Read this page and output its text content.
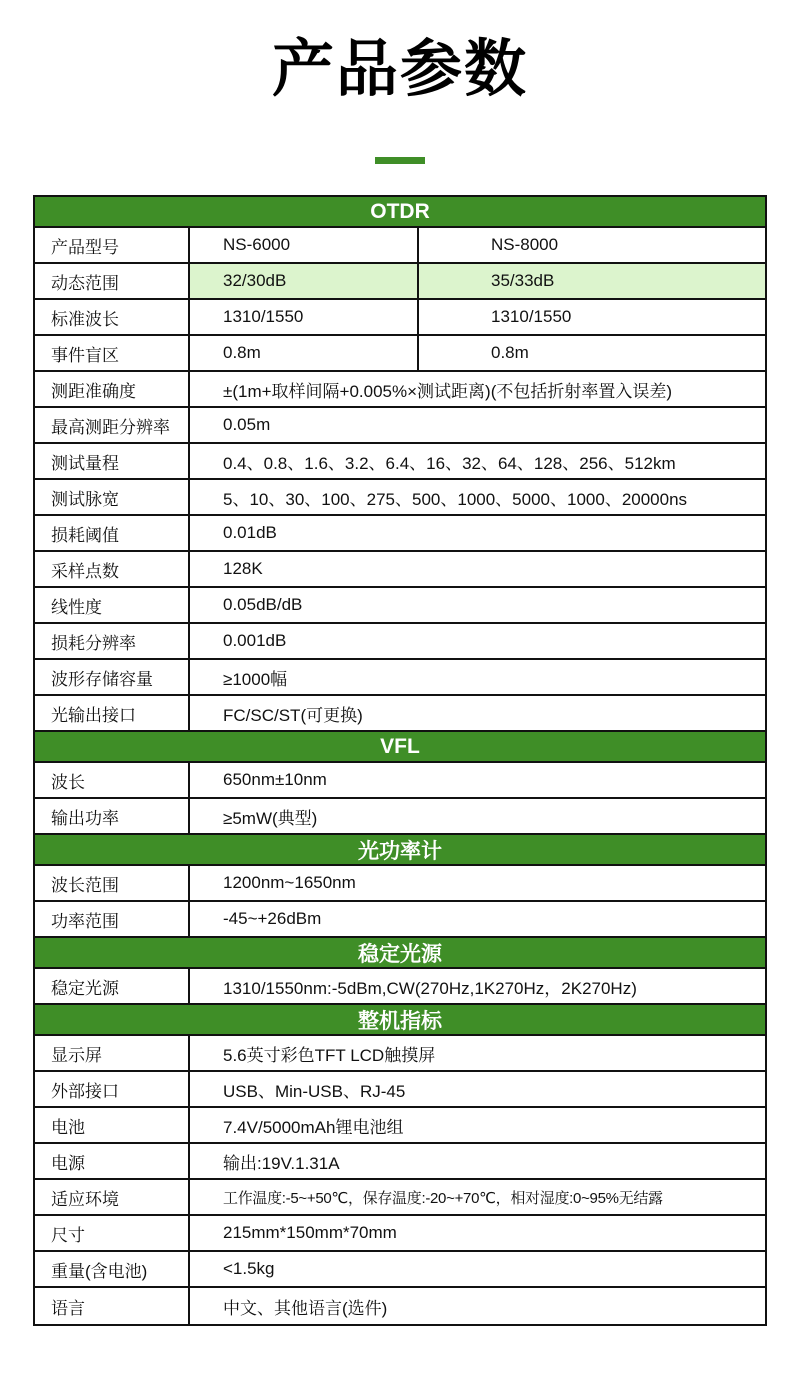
产品参数
OTDR
产品型号	NS-6000	NS-8000
动态范围	32/30dB	35/33dB
标准波长	1310/1550	1310/1550
事件盲区	0.8m	0.8m
测距准确度	±(1m+取样间隔+0.005%×测试距离)(不包括折射率置入误差)
最高测距分辨率	0.05m
测试量程	0.4、0.8、1.6、3.2、6.4、16、32、64、128、256、512km
测试脉宽	5、10、30、100、275、500、1000、5000、1000、20000ns
损耗阈值	0.01dB
采样点数	128K
线性度	0.05dB/dB
损耗分辨率	0.001dB
波形存储容量	≥1000幅
光输出接口	FC/SC/ST(可更换)
VFL
波长	650nm±10nm
输出功率	≥5mW(典型)
光功率计
波长范围	1200nm~1650nm
功率范围	-45~+26dBm
稳定光源
稳定光源	1310/1550nm:-5dBm,CW(270Hz,1K270Hz，2K270Hz)
整机指标
显示屏	5.6英寸彩色TFT LCD触摸屏
外部接口	USB、Min-USB、RJ-45
电池	7.4V/5000mAh锂电池组
电源	输出:19V.1.31A
适应环境	工作温度:-5~+50℃，保存温度:-20~+70℃，相对湿度:0~95%无结露
尺寸	215mm*150mm*70mm
重量(含电池)	<1.5kg
语言	中文、其他语言(选件)
